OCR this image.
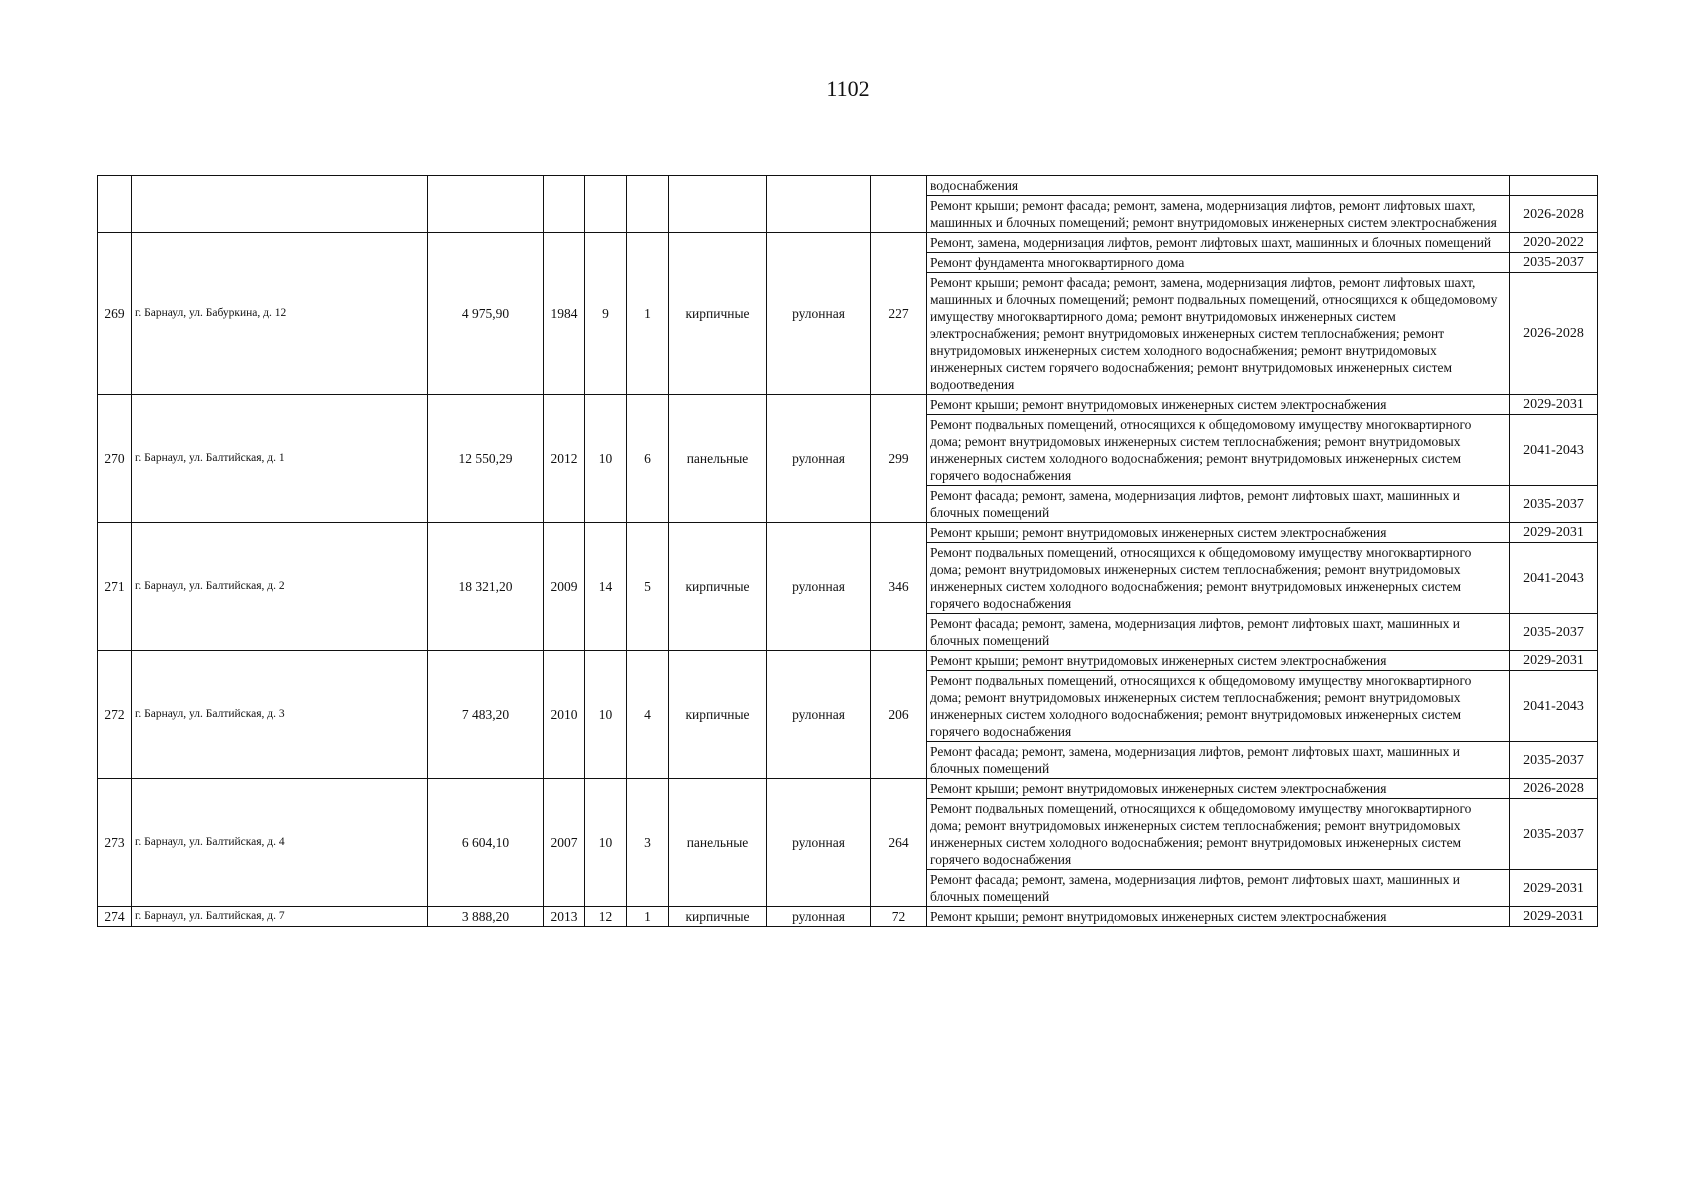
1102
									водоснабжения	
									Ремонт крыши; ремонт фасада; ремонт, замена, модернизация лифтов, ремонт лифтовых шахт, машинных и блочных помещений; ремонт внутридомовых инженерных систем электроснабжения	2026-2028
269	г. Барнаул, ул. Бабуркина, д. 12	4 975,90	1984	9	1	кирпичные	рулонная	227	Ремонт, замена, модернизация лифтов, ремонт лифтовых шахт, машинных и блочных помещений	2020-2022
									Ремонт фундамента многоквартирного дома	2035-2037
									Ремонт крыши; ремонт фасада; ремонт, замена, модернизация лифтов, ремонт лифтовых шахт, машинных и блочных помещений; ремонт подвальных помещений, относящихся к общедомовому имуществу многоквартирного дома; ремонт внутридомовых инженерных систем электроснабжения; ремонт внутридомовых инженерных систем теплоснабжения; ремонт внутридомовых инженерных систем холодного водоснабжения; ремонт внутридомовых инженерных систем горячего водоснабжения; ремонт внутридомовых инженерных систем водоотведения	2026-2028
270	г. Барнаул, ул. Балтийская, д. 1	12 550,29	2012	10	6	панельные	рулонная	299	Ремонт крыши; ремонт внутридомовых инженерных систем электроснабжения	2029-2031
									Ремонт подвальных помещений, относящихся к общедомовому имуществу многоквартирного дома; ремонт внутридомовых инженерных систем теплоснабжения; ремонт внутридомовых инженерных систем холодного водоснабжения; ремонт внутридомовых инженерных систем горячего водоснабжения	2041-2043
									Ремонт фасада; ремонт, замена, модернизация лифтов, ремонт лифтовых шахт, машинных и блочных помещений	2035-2037
271	г. Барнаул, ул. Балтийская, д. 2	18 321,20	2009	14	5	кирпичные	рулонная	346	Ремонт крыши; ремонт внутридомовых инженерных систем электроснабжения	2029-2031
									Ремонт подвальных помещений, относящихся к общедомовому имуществу многоквартирного дома; ремонт внутридомовых инженерных систем теплоснабжения; ремонт внутридомовых инженерных систем холодного водоснабжения; ремонт внутридомовых инженерных систем горячего водоснабжения	2041-2043
									Ремонт фасада; ремонт, замена, модернизация лифтов, ремонт лифтовых шахт, машинных и блочных помещений	2035-2037
272	г. Барнаул, ул. Балтийская, д. 3	7 483,20	2010	10	4	кирпичные	рулонная	206	Ремонт крыши; ремонт внутридомовых инженерных систем электроснабжения	2029-2031
									Ремонт подвальных помещений, относящихся к общедомовому имуществу многоквартирного дома; ремонт внутридомовых инженерных систем теплоснабжения; ремонт внутридомовых инженерных систем холодного водоснабжения; ремонт внутридомовых инженерных систем горячего водоснабжения	2041-2043
									Ремонт фасада; ремонт, замена, модернизация лифтов, ремонт лифтовых шахт, машинных и блочных помещений	2035-2037
273	г. Барнаул, ул. Балтийская, д. 4	6 604,10	2007	10	3	панельные	рулонная	264	Ремонт крыши; ремонт внутридомовых инженерных систем электроснабжения	2026-2028
									Ремонт подвальных помещений, относящихся к общедомовому имуществу многоквартирного дома; ремонт внутридомовых инженерных систем теплоснабжения; ремонт внутридомовых инженерных систем холодного водоснабжения; ремонт внутридомовых инженерных систем горячего водоснабжения	2035-2037
									Ремонт фасада; ремонт, замена, модернизация лифтов, ремонт лифтовых шахт, машинных и блочных помещений	2029-2031
274	г. Барнаул, ул. Балтийская, д. 7	3 888,20	2013	12	1	кирпичные	рулонная	72	Ремонт крыши; ремонт внутридомовых инженерных систем электроснабжения	2029-2031
